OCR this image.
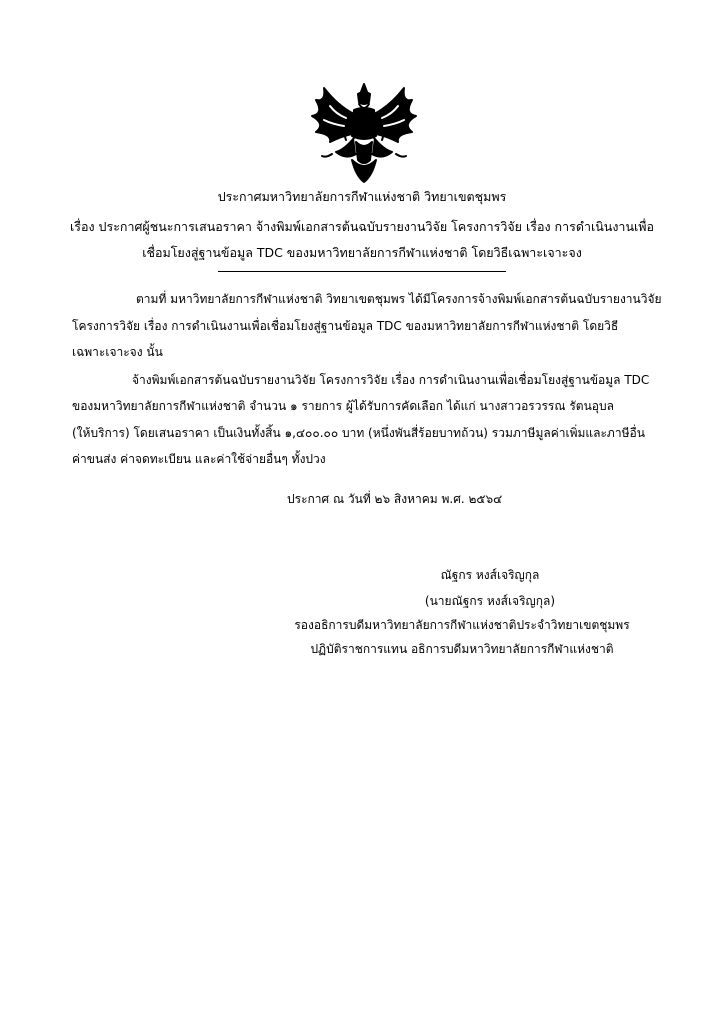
ประกาศมหาวิทยาลัยการกีฬาแห่งชาติ วิทยาเขตชุมพร
เรื่อง ประกาศผู้ชนะการเสนอราคา จ้างพิมพ์เอกสารต้นฉบับรายงานวิจัย โครงการวิจัย เรื่อง การดำเนินงานเพื่อ
เชื่อมโยงสู่ฐานข้อมูล TDC ของมหาวิทยาลัยการกีฬาแห่งชาติ โดยวิธีเฉพาะเจาะจง
ตามที่ มหาวิทยาลัยการกีฬาแห่งชาติ วิทยาเขตชุมพร ได้มีโครงการจ้างพิมพ์เอกสารต้นฉบับรายงานวิจัย
โครงการวิจัย เรื่อง การดำเนินงานเพื่อเชื่อมโยงสู่ฐานข้อมูล TDC ของมหาวิทยาลัยการกีฬาแห่งชาติ โดยวิธี
เฉพาะเจาะจง นั้น
จ้างพิมพ์เอกสารต้นฉบับรายงานวิจัย โครงการวิจัย เรื่อง การดำเนินงานเพื่อเชื่อมโยงสู่ฐานข้อมูล TDC
ของมหาวิทยาลัยการกีฬาแห่งชาติ จำนวน ๑ รายการ ผู้ได้รับการคัดเลือก ได้แก่ นางสาวอรวรรณ รัตนอุบล
(ให้บริการ) โดยเสนอราคา เป็นเงินทั้งสิ้น ๑,๔๐๐.๐๐ บาท (หนึ่งพันสี่ร้อยบาทถ้วน) รวมภาษีมูลค่าเพิ่มและภาษีอื่น
ค่าขนส่ง ค่าจดทะเบียน และค่าใช้จ่ายอื่นๆ ทั้งปวง
ประกาศ ณ วันที่ ๒๖ สิงหาคม พ.ศ. ๒๕๖๔
ณัฐกร หงส์เจริญกุล
(นายณัฐกร หงส์เจริญกุล)
รองอธิการบดีมหาวิทยาลัยการกีฬาแห่งชาติประจำวิทยาเขตชุมพร
ปฏิบัติราชการแทน อธิการบดีมหาวิทยาลัยการกีฬาแห่งชาติ
